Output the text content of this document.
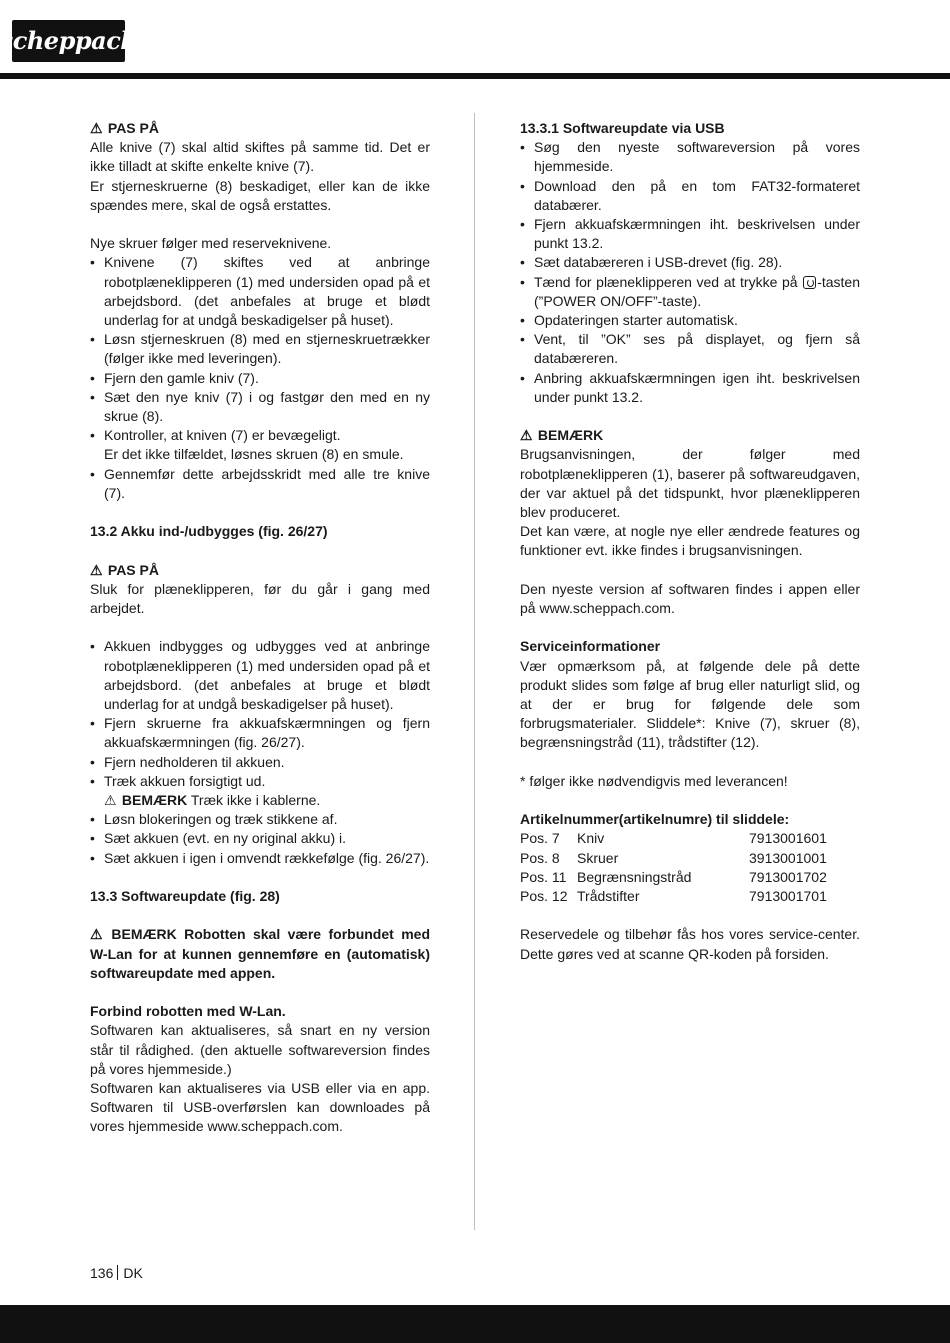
scheppach

⚠ PAS PÅ

Alle knive (7) skal altid skiftes på samme tid. Det er ikke tilladt at skifte enkelte knive (7).

Er stjerneskruerne (8) beskadiget, eller kan de ikke spændes mere, skal de også erstattes.

Nye skruer følger med reserveknivene.

• Knivene (7) skiftes ved at anbringe robotplæneklipperen (1) med undersiden opad på et arbejdsbord. (det anbefales at bruge et blødt underlag for at undgå beskadigelser på huset).
• Løsn stjerneskruen (8) med en stjerneskruetrækker (følger ikke med leveringen).
• Fjern den gamle kniv (7).
• Sæt den nye kniv (7) i og fastgør den med en ny skrue (8).
• Kontroller, at kniven (7) er bevægeligt.
Er det ikke tilfældet, løsnes skruen (8) en smule.
• Gennemfør dette arbejdsskridt med alle tre knive (7).

13.2 Akku ind-/udbygges (fig. 26/27)

⚠ PAS PÅ

Sluk for plæneklipperen, før du går i gang med arbejdet.

• Akkuen indbygges og udbygges ved at anbringe robotplæneklipperen (1) med undersiden opad på et arbejdsbord. (det anbefales at bruge et blødt underlag for at undgå beskadigelser på huset).
• Fjern skruerne fra akkuafskærmningen og fjern akkuafskærmningen (fig. 26/27).
• Fjern nedholderen til akkuen.
• Træk akkuen forsigtigt ud.
⚠ BEMÆRK Træk ikke i kablerne.
• Løsn blokeringen og træk stikkene af.
• Sæt akkuen (evt. en ny original akku) i.
• Sæt akkuen i igen i omvendt rækkefølge (fig. 26/27).

13.3 Softwareupdate (fig. 28)

⚠ BEMÆRK Robotten skal være forbundet med W-Lan for at kunnen gennemføre en (automatisk) softwareupdate med appen.

Forbind robotten med W-Lan.

Softwaren kan aktualiseres, så snart en ny version står til rådighed. (den aktuelle softwareversion findes på vores hjemmeside.)

Softwaren kan aktualiseres via USB eller via en app. Softwaren til USB-overførslen kan downloades på vores hjemmeside www.scheppach.com.

13.3.1 Softwareupdate via USB

• Søg den nyeste softwareversion på vores hjemmeside.
• Download den på en tom FAT32-formateret databærer.
• Fjern akkuafskærmningen iht. beskrivelsen under punkt 13.2.
• Sæt databæreren i USB-drevet (fig. 28).
• Tænd for plæneklipperen ved at trykke på -tasten (”POWER ON/OFF”-taste).
• Opdateringen starter automatisk.
• Vent, til ”OK” ses på displayet, og fjern så databæreren.
• Anbring akkuafskærmningen igen iht. beskrivelsen under punkt 13.2.

⚠ BEMÆRK

Brugsanvisningen, der følger med robotplæneklipperen (1), baserer på softwareudgaven, der var aktuel på det tidspunkt, hvor plæneklipperen blev produceret.

Det kan være, at nogle nye eller ændrede features og funktioner evt. ikke findes i brugsanvisningen.

Den nyeste version af softwaren findes i appen eller på www.scheppach.com.

Serviceinformationer

Vær opmærksom på, at følgende dele på dette produkt slides som følge af brug eller naturligt slid, og at der er brug for følgende dele som forbrugsmaterialer. Sliddele*: Knive (7), skruer (8), begrænsningstråd (11), trådstifter (12).

* følger ikke nødvendigvis med leverancen!

Artikelnummer(artikelnumre) til sliddele:

Pos. 7	Kniv	7913001601
Pos. 8	Skruer	3913001001
Pos. 11	Begrænsningstråd	7913001702
Pos. 12	Trådstifter	7913001701

Reservedele og tilbehør fås hos vores service-center. Dette gøres ved at scanne QR-koden på forsiden.

136 DK
